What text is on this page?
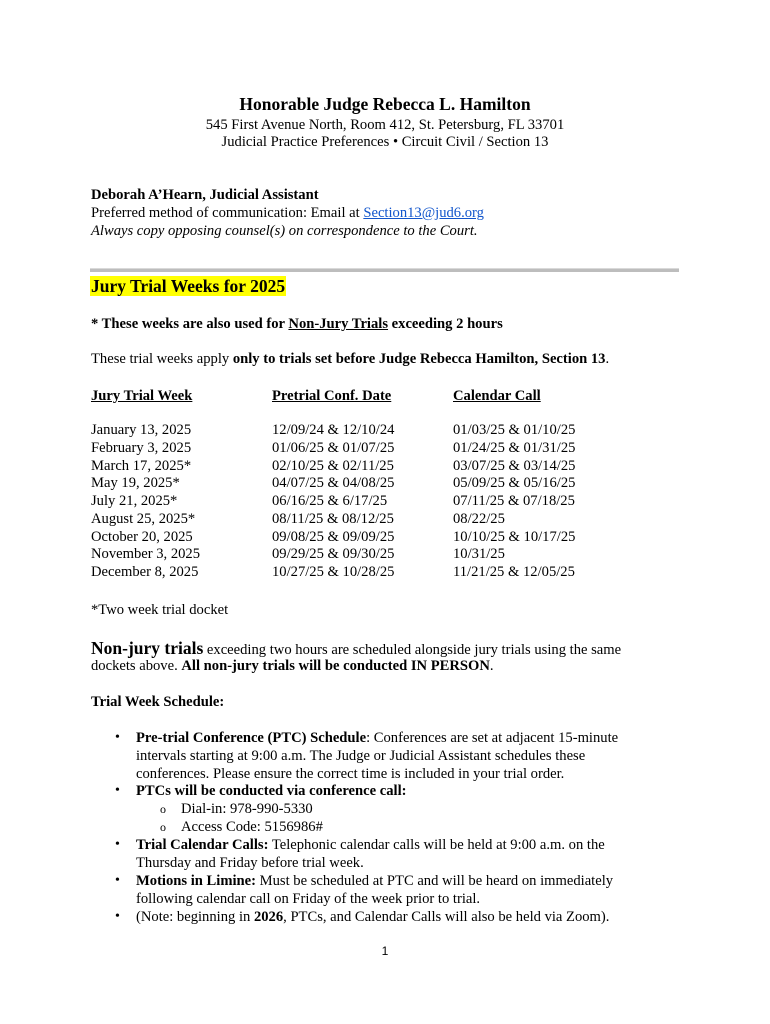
Honorable Judge Rebecca L. Hamilton
545 First Avenue North, Room 412, St. Petersburg, FL 33701
Judicial Practice Preferences • Circuit Civil / Section 13
Deborah A’Hearn, Judicial Assistant
Preferred method of communication: Email at Section13@jud6.org
Always copy opposing counsel(s) on correspondence to the Court.
Jury Trial Weeks for 2025
* These weeks are also used for Non-Jury Trials exceeding 2 hours
These trial weeks apply only to trials set before Judge Rebecca Hamilton, Section 13.
Jury Trial Week	Pretrial Conf. Date	Calendar Call
January 13, 2025
February 3, 2025
March 17, 2025*
May 19, 2025*
July 21, 2025*
August 25, 2025*
October 20, 2025
November 3, 2025
December 8, 2025
12/09/24 & 12/10/24
01/06/25 & 01/07/25
02/10/25 & 02/11/25
04/07/25 & 04/08/25
06/16/25 & 6/17/25
08/11/25 & 08/12/25
09/08/25 & 09/09/25
09/29/25 & 09/30/25
10/27/25 & 10/28/25
01/03/25 & 01/10/25
01/24/25 & 01/31/25
03/07/25 & 03/14/25
05/09/25 & 05/16/25
07/11/25 & 07/18/25
08/22/25
10/10/25 & 10/17/25
10/31/25
11/21/25 & 12/05/25
*Two week trial docket
Non-jury trials exceeding two hours are scheduled alongside jury trials using the same
dockets above. All non-jury trials will be conducted IN PERSON.
Trial Week Schedule:
• Pre-trial Conference (PTC) Schedule: Conferences are set at adjacent 15-minute
intervals starting at 9:00 a.m. The Judge or Judicial Assistant schedules these
conferences. Please ensure the correct time is included in your trial order.
• PTCs will be conducted via conference call:
o Dial-in: 978-990-5330
o Access Code: 5156986#
• Trial Calendar Calls: Telephonic calendar calls will be held at 9:00 a.m. on the
Thursday and Friday before trial week.
• Motions in Limine: Must be scheduled at PTC and will be heard on immediately
following calendar call on Friday of the week prior to trial.
• (Note: beginning in 2026, PTCs, and Calendar Calls will also be held via Zoom).
1
